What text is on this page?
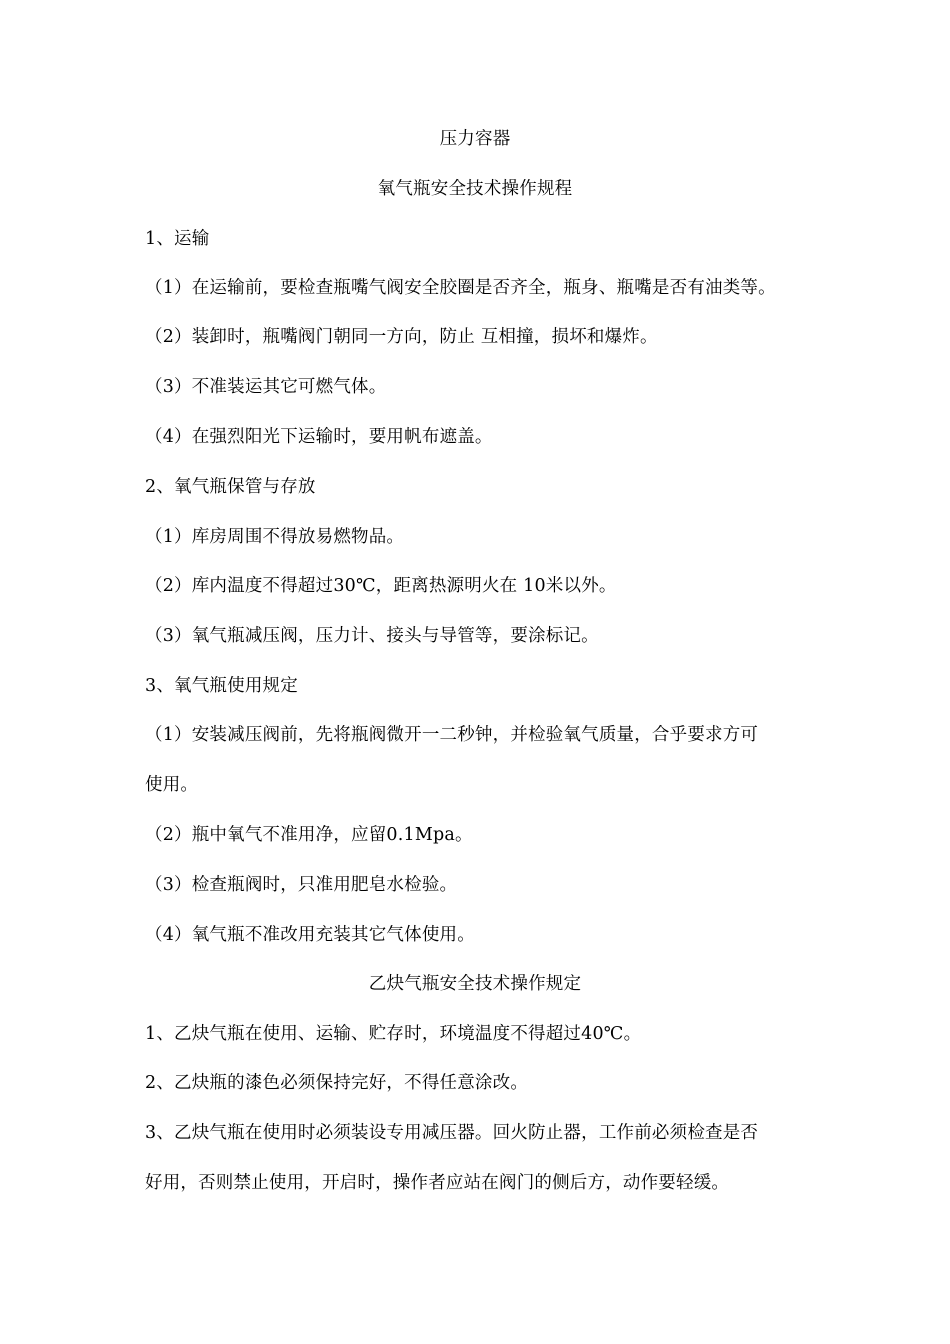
压力容器
氧气瓶安全技术操作规程
1、运输
（1）在运输前，要检查瓶嘴气阀安全胶圈是否齐全，瓶身、瓶嘴是否有油类等。
（2）装卸时，瓶嘴阀门朝同一方向，防止 互相撞，损坏和爆炸。
（3）不准装运其它可燃气体。
（4）在强烈阳光下运输时，要用帆布遮盖。
2、氧气瓶保管与存放
（1）库房周围不得放易燃物品。
（2）库内温度不得超过30℃，距离热源明火在 10米以外。
（3）氧气瓶减压阀，压力计、接头与导管等，要涂标记。
3、氧气瓶使用规定
（1）安装减压阀前，先将瓶阀微开一二秒钟，并检验氧气质量，合乎要求方可
使用。
（2）瓶中氧气不准用净，应留0.1Mpa。
（3）检查瓶阀时，只准用肥皂水检验。
（4）氧气瓶不准改用充装其它气体使用。
乙炔气瓶安全技术操作规定
1、乙炔气瓶在使用、运输、贮存时，环境温度不得超过40℃。
2、乙炔瓶的漆色必须保持完好，不得任意涂改。
3、乙炔气瓶在使用时必须装设专用减压器。回火防止器，工作前必须检查是否
好用，否则禁止使用，开启时，操作者应站在阀门的侧后方，动作要轻缓。
